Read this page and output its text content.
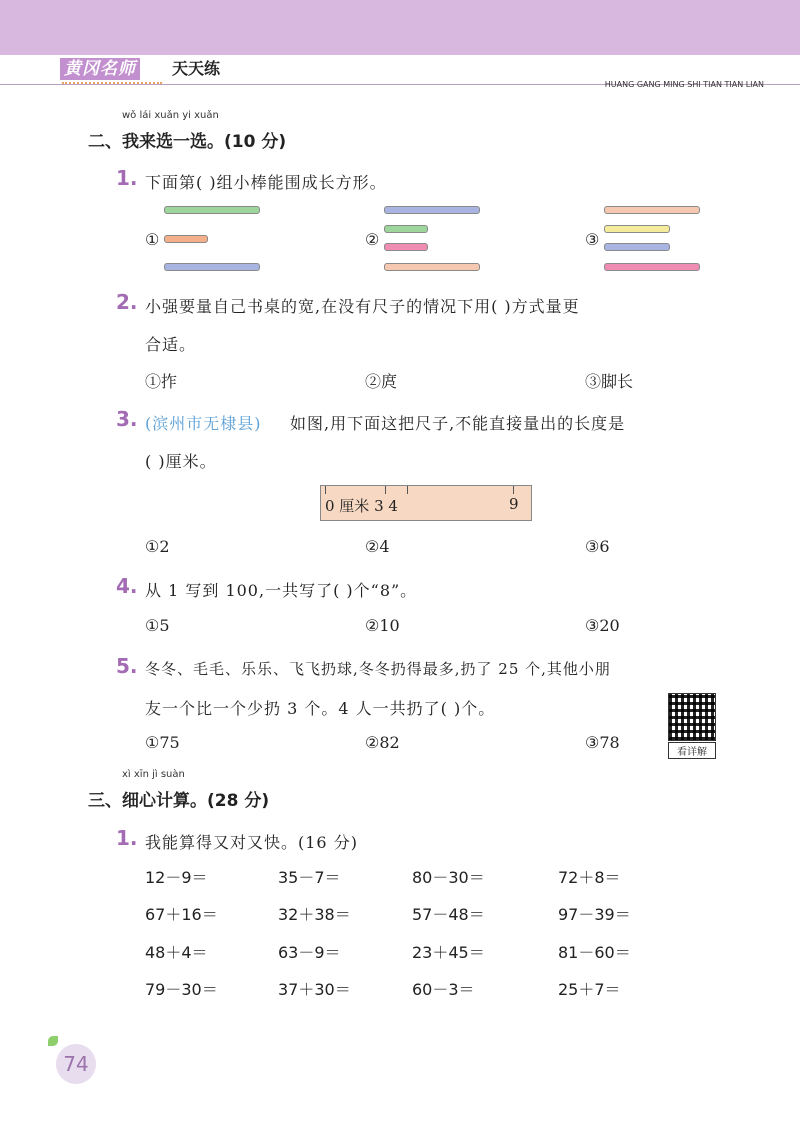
黄冈名师 天天练
HUANG GANG MING SHI TIAN TIAN LIAN
wǒ lái xuǎn yi xuǎn
二、我来选一选。(10 分)
1. 下面第( )组小棒能围成长方形。
①	②	③
2. 小强要量自己书桌的宽,在没有尺子的情况下用( )方式量更
合适。
①拃	②庹	③脚长
3. (滨州市无棣县) 如图,用下面这把尺子,不能直接量出的长度是
( )厘米。
0 厘米 3 4	9
①2	②4	③6
4. 从 1 写到 100,一共写了( )个“8”。
①5	②10	③20
5. 冬冬、毛毛、乐乐、飞飞扔球,冬冬扔得最多,扔了 25 个,其他小朋
友一个比一个少扔 3 个。4 人一共扔了( )个。
看详解
①75	②82	③78
xì xīn jì suàn
三、细心计算。(28 分)
1. 我能算得又对又快。(16 分)
12－9＝	35－7＝	80－30＝	72＋8＝
67＋16＝	32＋38＝	57－48＝	97－39＝
48＋4＝	63－9＝	23＋45＝	81－60＝
79－30＝	37＋30＝	60－3＝	25＋7＝
74
